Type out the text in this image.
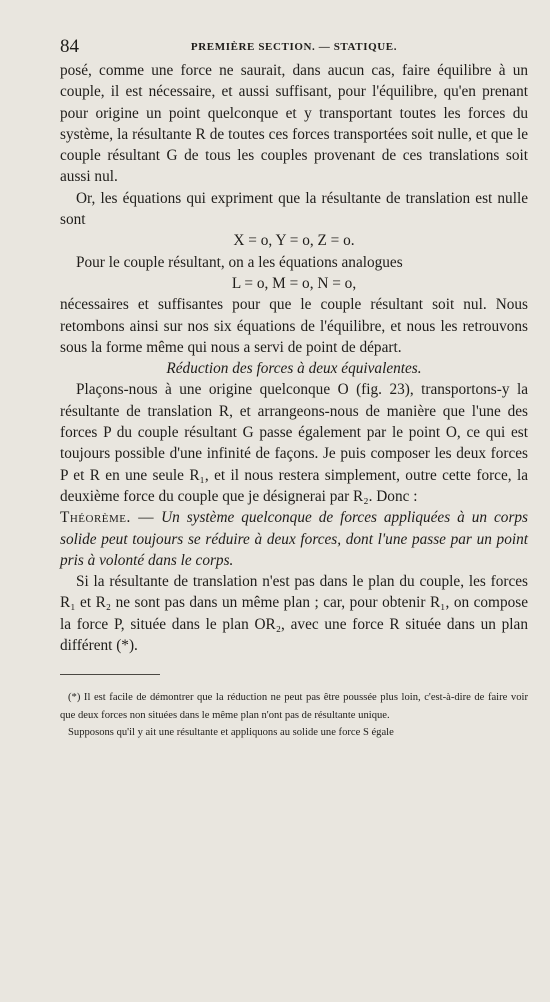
84	PREMIÈRE SECTION. — STATIQUE.

posé, comme une force ne saurait, dans aucun cas, faire équilibre à un couple, il est nécessaire, et aussi suffisant, pour l'équilibre, qu'en prenant pour origine un point quelconque et y transportant toutes les forces du système, la résultante R de toutes ces forces transportées soit nulle, et que le couple résultant G de tous les couples provenant de ces translations soit aussi nul.

Or, les équations qui expriment que la résultante de translation est nulle sont

X = o, Y = o, Z = o.

Pour le couple résultant, on a les équations analogues

L = o, M = o, N = o,

nécessaires et suffisantes pour que le couple résultant soit nul. Nous retombons ainsi sur nos six équations de l'équilibre, et nous les retrouvons sous la forme même qui nous a servi de point de départ.

Réduction des forces à deux équivalentes.

Plaçons-nous à une origine quelconque O (fig. 23), transportons-y la résultante de translation R, et arrangeons-nous de manière que l'une des forces P du couple résultant G passe également par le point O, ce qui est toujours possible d'une infinité de façons. Je puis composer les deux forces P et R en une seule R₁, et il nous restera simplement, outre cette force, la deuxième force du couple que je désignerai par R₂. Donc :

Théorème. — Un système quelconque de forces appliquées à un corps solide peut toujours se réduire à deux forces, dont l'une passe par un point pris à volonté dans le corps.

Si la résultante de translation n'est pas dans le plan du couple, les forces R₁ et R₂ ne sont pas dans un même plan ; car, pour obtenir R₁, on compose la force P, située dans le plan OR₂, avec une force R située dans un plan différent (*).

(*) Il est facile de démontrer que la réduction ne peut pas être poussée plus loin, c'est-à-dire de faire voir que deux forces non situées dans le même plan n'ont pas de résultante unique.

Supposons qu'il y ait une résultante et appliquons au solide une force S égale
